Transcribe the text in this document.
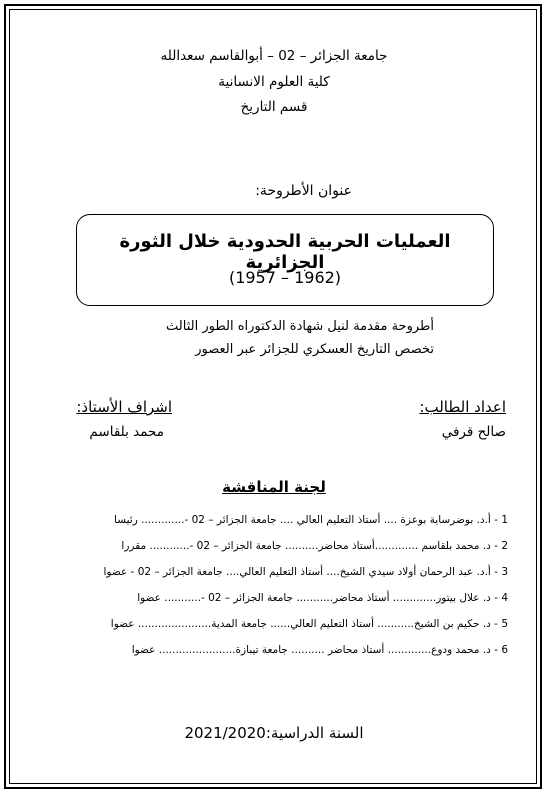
جامعة الجزائر – 02 – أبوالقاسم سعدالله
كلية العلوم الانسانية
قسم التاريخ
عنوان الأطروحة:
العمليات الحربية الحدودية خلال الثورة الجزائرية
(1957 – 1962)
أطروحة مقدمة لنيل شهادة الدكتوراه الطور الثالث
تخصص التاريخ العسكري للجزائر عبر العصور
اعداد الطالب:
صالح قرفي
اشراف الأستاذ:
محمد بلقاسم
لجنة المناقشة
1 - أ.د. بوضرساية بوعزة .... أستاذ التعليم العالي .... جامعة الجزائر – 02 -............. رئيسا
2 - د. محمد بلقاسم .............أستاذ محاضر.......... جامعة الجزائر – 02 -............ مقررا
3 - أ.د. عبد الرحمان أولاد سيدي الشيخ.... أستاذ التعليم العالي.... جامعة الجزائر – 02 - عضوا
4 - د. علال بيتور............. أستاذ محاضر........... جامعة الجزائر – 02 -........... عضوا
5 - د. حكيم بن الشيخ........... أستاذ التعليم العالي...... جامعة المدية...................... عضوا
6 - د. محمد ودوع............. أستاذ محاضر .......... جامعة تيبازة....................... عضوا
السنة الدراسية:2021/2020
